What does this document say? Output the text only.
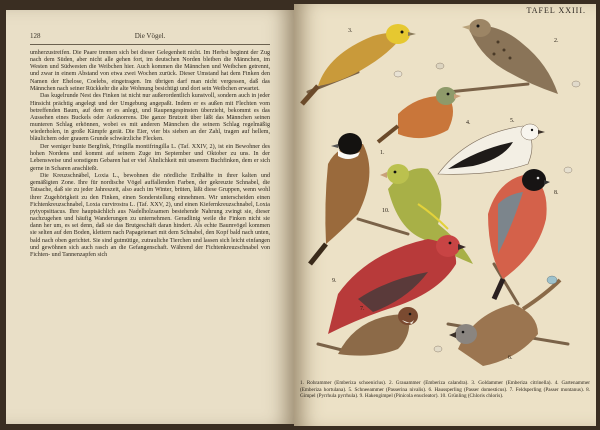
128	Die Vögel.

umherzustreifen. Die Paare trennen sich bei dieser Gelegenheit nicht. Im Herbst beginnt der Zug nach dem Süden, aber nicht alle gehen fort, im deutschen Norden bleiben die Männchen, im Westen und Südwesten die Weibchen hier. Auch kommen die Männchen und Weibchen getrennt, und zwar in einem Abstand von etwa zwei Wochen zurück. Dieser Umstand hat dem Finken den Namen der Ehelose, Coelebs, eingetragen. Im übrigen darf man nicht vergessen, daß das Männchen nach seiner Rückkehr die alte Wohnung besichtigt und dort sein Weibchen erwartet.

Das kugelrunde Nest des Finken ist nicht nur außerordentlich kunstvoll, sondern auch in jeder Hinsicht prächtig angelegt und der Umgebung angepaßt. Indem er es außen mit Flechten vom betreffenden Baum, auf dem er es anlegt, und Raupengespinsten überzieht, bekommt es das Aussehen eines Buckels oder Astknorrens. Die ganze Brutzeit über läßt das Männchen seinen munteren Schlag erkönnen, wobei es mit anderen Männchen die seinem Schlag regelmäßig wiederholen, in große Kämpfe gerät. Die Eier, vier bis sieben an der Zahl, tragen auf hellem, bläulichem oder grauem Grunde schwärzliche Flecken.

Der weniger bunte Bergfink, Fringilla montifringilla L. (Taf. XXIV, 2), ist ein Bewohner des hohen Nordens und kommt auf seinem Zuge im September und Oktober zu uns. In der Lebensweise und sonstigem Gebaren hat er viel Ähnlichkeit mit unserem Buchfinken, dem er sich gerne in Scharen anschließt.

Die Kreuzschnäbel, Loxia L., bewohnen die nördliche Erdhälfte in ihrer kalten und gemäßigten Zone. Ihre für nordische Vögel auffallenden Farben, der gekreuzte Schnabel, die Tatsache, daß sie zu jeder Jahreszeit, also auch im Winter, brüten, läßt diese Gruppen, wenn wohl ihrer Zugehörigkeit zu den Finken, einen Sonderstellung einnehmen. Wir unterscheiden einen Fichtenkreuzschnabel, Loxia curvirostra L. (Taf. XXV, 2), und einen Kiefernkreuzschnabel, Loxia pytyopsittacus. Ihre hauptsächlich aus Nadelholzsamen bestehende Nahrung zwingt sie, dieser nachzugehen und häufig Wanderungen zu unternehmen. Geradlinig weile die Finken nicht sie dann her um, es sei denn, daß sie das Brutgeschäft daran hindert. Als echte Baumvögel kommen sie selten auf den Boden, klettern nach Papageienart mit dem Schnabel, den Kopf bald nach unten, bald nach oben gerichtet. Sie sind gutmütige, zutrauliche Tierchen und lassen sich leicht einfangen und gewöhnen sich auch rasch an die Gefangenschaft. Während der Fichtenkreuzschnabel von Fichten- und Tannenzapfen sich

TAFEL XXIII.
3.
2.
4.	5.
1.
10.
8.
9.
7.
6.
1. Rohrammer (Emberiza schoeniclus). 2. Grauammer (Emberiza calandra). 3. Goldammer (Emberiza citrinella). 4. Gartenammer (Emberiza hortulana). 5. Schneeammer (Passerina nivalis). 6. Haussperling (Passer domesticus). 7. Feldsperling (Passer montanus). 8. Gimpel (Pyrrhula pyrrhula). 9. Hakengimpel (Pinicola enucleator). 10. Grünling (Chloris chloris).
